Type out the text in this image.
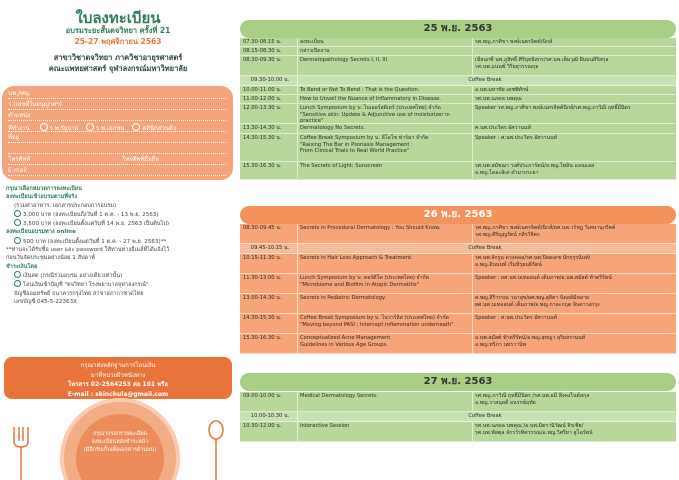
ใบลงทะเบียน
อบรมระยะสั้นตจวิทยา ครั้งที่ 21
25-27 พฤศจิกายน 2563
สาขาวิชาตจวิทยา ภาควิชาอายุรศาสตร์
คณะแพทยศาสตร์ จุฬาลงกรณ์มหาวิทยาลัย
นพ./พญ.
ว.(เลขที่ใบอนุญาตฯ)
ตำแหน่ง
ที่ทำงาน	ร.พ.รัฐบาล	ร.พ.เอกชน	คลินิกส่วนตัว
ที่อยู่
โทรศัพท์	โทรศัพท์มือถือ
E-mail
กรุณาเลือกหมวดการลงทะเบียน
ลงทะเบียนเข้าอบรมตามที่จริง
(รวมค่าอาหาร, เอกสารประกอบการอบรม)
3,000 บาท (ลงทะเบียนถึงวันที่ 1 ต.ค. - 13 พ.ย. 2563)
3,500 บาท (ลงทะเบียนตั้งแต่วันที่ 14 พ.ย. 2563 เป็นต้นไป)
ลงทะเบียนอบรมทาง online
500 บาท (ลงทะเบียนตั้งแต่วันที่ 1 ต.ค. - 27 พ.ย. 2563)**
**ท่านจะได้รับชื่อ user และ password ให้ท่านทางอีเมล์ที่ได้แจ้งไว้
ก่อนวันจัดประชุมอย่างน้อย 1 สัปดาห์
ชำระเงินโดย
เงินสด (กรณีร่วมอบรม อย่างเดียวเท่านั้น)
โอนเงินเข้าบัญชี "ตจวิทยา โรงพยาบาลจุฬาลงกรณ์"
บัญชีออมทรัพย์ ธนาคารกรุงไทย สาขาสภากาชาดไทย
เลขบัญชี 045-5-22363X
กรุณาส่งหลักฐานการโอนเงิน
มาที่หน่วยผิวหนังทาง
โทรสาร 02-2564253 ต่อ 101 หรือ
E-mail : skinchula@gmail.com
กรุณากรอกรายละเอียด
ลงทะเบียนหลังชำระหน้า
(มีอีกรับเก็บเพื่อเอกสารด้านบน)
25 พ.ย. 2563
07.30-08.15 น.	ลงทะเบียน	รศ.พญ.ภาศิขา พงษ์เนตรจิตต์/นิกส์
08.15-08.30 น.	กล่าวเปิดงาน
08.30-09.30 น.	Dermatopathology Secrets I, II, III	เขียนกซี นพ.ภูสิทธิ์ ศิริบุทธิสกร/รศ.นพ.เต็มวุฒิ ฝันบนสิริสกุล
รศ.นพ.แนนซ์ วิริยสุวรรณกุล
09.30-10.00 น.	Coffee Break
10.00-11.00 น.	To Bend or Not To Bend : That is the Question.	อ.นพ.มหาชัย เตชพิทักษ์
11.00-12.00 น.	How to Unveil the Nuance of Inflammatory in Disease.	รศ.นพ.นภดล นพคุณ
12.00-13.30 น.	Lunch Symposium by บ. ไบเออร์สดิเยร์ (ประเทศไทย) จำกัด
"Sensitive skin: Update & Adjunctive use of moisturizer in practice"
Speaker รศ.พญ.ภาศิขา พงษ์เนตรจิตต์นิกส์/รศ.พญ.ภาวิณี ฤทธิ์มีนิตร
13.30-14.30 น.	Dermatology No Secrets.	ศ.นพ.ประวิตร อัศวานนท์
14.30-15.30 น.	Coffee Break Symposium by บ. ลีโอโซ ฟาร์มา จำกัด
"Raising The Bar in Psoriasis Management :
From Clinical Trials to Real World Practice"
Speaker : ศ.นพ.ประวิตร อัศวานนท์
15.30-16.30 น.	The Secrets of Light; Sunscreen	รศ.นพ.สมัชฌา วงศ์ประภาร์ตน์/อ.พญ.ไพลิน แอนแลส
อ.พญ.ไดอะลิเค่ ดำมากระยา
26 พ.ย. 2563
08.30-09.45 น.	Secrets in Procedural Dermatology : You Should Know.	รศ.พญ.ภาศิขา พงษ์เนตรจิตต์/นิกส์/ผศ.นพ.วรัชฎ วิเศษานุกริตต์
รศ.พญ.ศิริญญรัตน์ กสิรวิจิตร
09.45-10.15 น.	Coffee Break
10.15-11.30 น.	Secrets in Hair Loss Approach & Treatment.	รศ.นพ.จักรูน ดวงคลม/รศ.นพ.ปิลดเดช นักกุรุรนันท์/
อ.พญ.อินนนท์ เริ่มหิรุธนธิรัตน์
11.30-13.00 น.	Lunch Symposium by บ. คอร์ติโค (ประเทศไทย) จำกัด
"Microbiome and Biofilm in Atopic Dermatitis"
Speaker : ผศ.นพ.นเทอลนด์ เต็มภาพ/อ.นพ.สมัสต์ ท้าตรีรัตน์
13.00-14.30 น.	Secrets in Pediatric Dermatology.	ศ.พญ.สิริวรรณ วนาสุข/ผศ.พญ.สุสิตา นิดลย์มิหลาย
ผศ.นพ.นเทอลนด์ เต็มภาพ/อ.พญ.กาละกฤต จินดาวงกรุง
14.30-15.30 น.	Coffee Break Symposium by บ. ไนวาร์ลิส (ประเทศไทย) จำกัด
"Moving beyond PASI : Intercept inflammation underneath"
Speaker : ศ.นพ.ประวิตร อัศวานนท์
15.30-16.30 น.	Conceptualized Acne Management
Guidelines in Various Age Groups.
อ.นพ.สมัสต์ ท้าตรีรัตน์/อ.พญ.สุหญา สุริยสรานนท์
อ.พญ.ทริภา นทรวานิพ
27 พ.ย. 2563
09.00-10.00 น.	Medical Dermatology Secrets.	รศ.พญ.ภาวิณี ฤทธิ์มีนิตร /รศ.นพ.อมี สิ่งคงไนต์สกุล
อ.พญ.วาสนุลดี อนรรฆ์ฤทัย
10.00-10.30 น.	Coffee Break
10.30-12.00 น.	Interactive Session	รศ.นพ.นภดล นพคุณ /อ.นพ.มิตรานิวัฒน์ จิรเชีย/
รศ.นพ.พัสตุล จักรวัรทิศวรรณ/อ.พญ.วิศรียา สูโฉรัตน์
